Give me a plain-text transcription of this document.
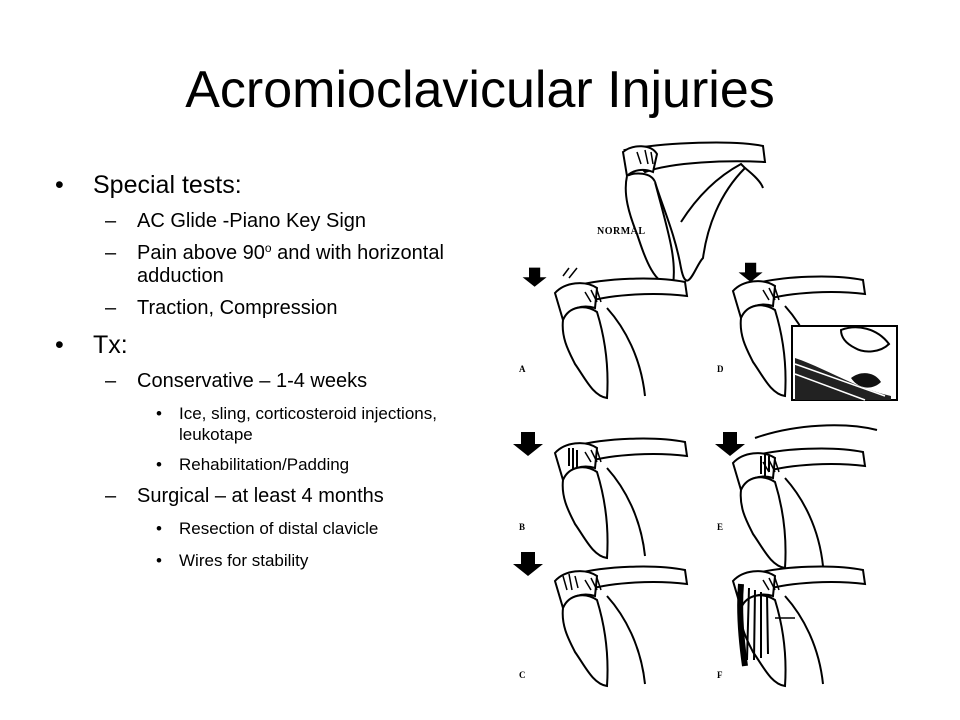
Acromioclavicular Injuries
• Special tests:
– AC Glide -Piano Key Sign
– Pain above 90$^o$ and with horizontal adduction
– Traction, Compression
• Tx:
– Conservative – 1-4 weeks
• Ice, sling, corticosteroid injections, leukotape
• Rehabilitation/Padding
– Surgical – at least 4 months
• Resection of distal clavicle
• Wires for stability
NORMAL
A	D
B	E
C	F
